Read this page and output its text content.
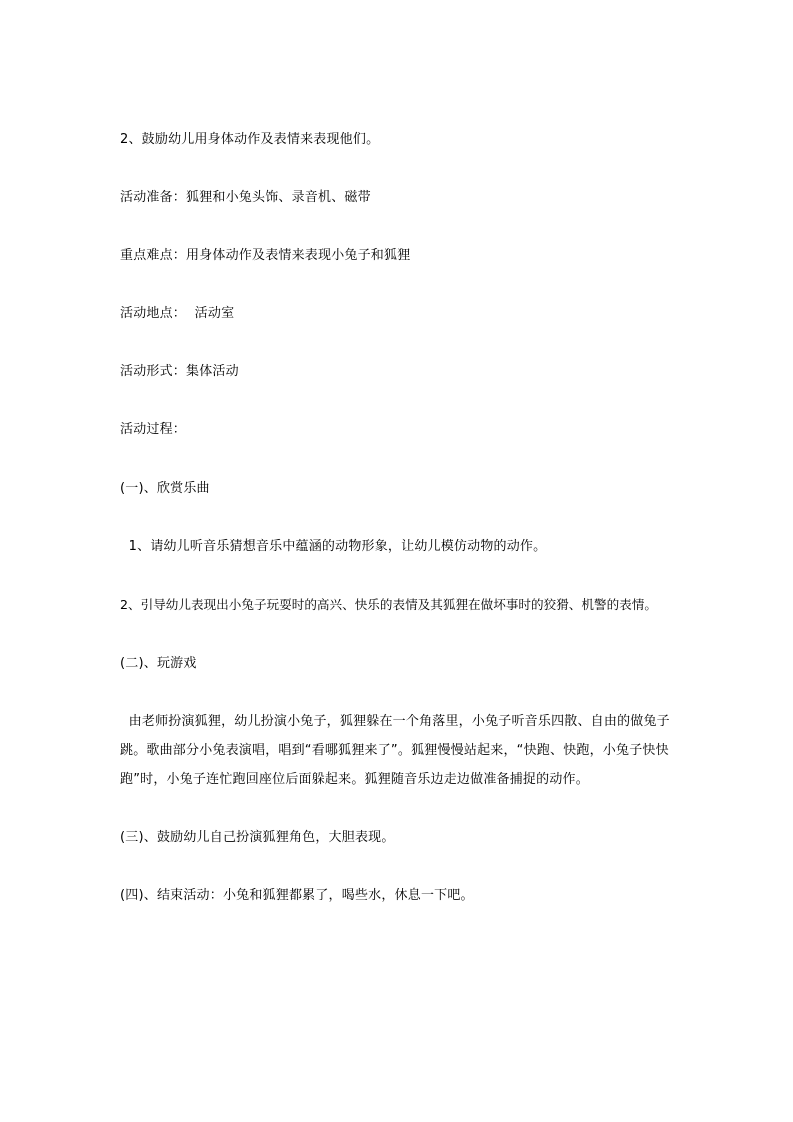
2、鼓励幼儿用身体动作及表情来表现他们。
活动准备：狐狸和小兔头饰、录音机、磁带
重点难点：用身体动作及表情来表现小兔子和狐狸
活动地点：  活动室
活动形式：集体活动
活动过程：
(一)、欣赏乐曲
1、请幼儿听音乐猜想音乐中蕴涵的动物形象，让幼儿模仿动物的动作。
2、引导幼儿表现出小兔子玩耍时的高兴、快乐的表情及其狐狸在做坏事时的狡猾、机警的表情。
(二)、玩游戏
由老师扮演狐狸，幼儿扮演小兔子，狐狸躲在一个角落里，小兔子听音乐四散、自由的做兔子跳。歌曲部分小兔表演唱，唱到“看哪狐狸来了”。狐狸慢慢站起来，“快跑、快跑，小兔子快快跑”时，小兔子连忙跑回座位后面躲起来。狐狸随音乐边走边做准备捕捉的动作。
(三)、鼓励幼儿自己扮演狐狸角色，大胆表现。
(四)、结束活动：小兔和狐狸都累了，喝些水，休息一下吧。
